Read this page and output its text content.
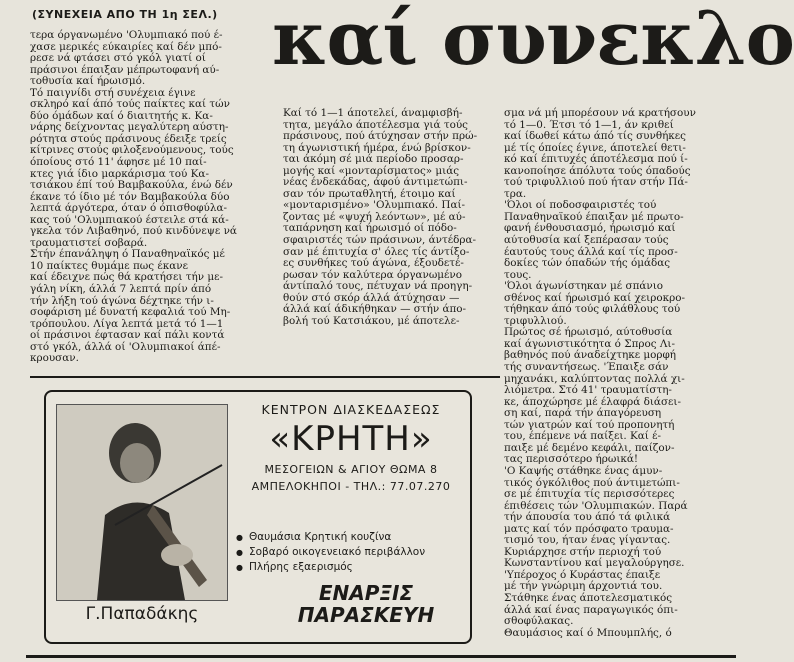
(ΣΥΝΕΧΕΙΑ ΑΠΟ ΤΗ 1η ΣΕΛ.) καί συνεκλο
τερα όργανωμένο 'Ολυμπιακό πού έ-
χασε μερικές εύκαιρίες καί δέν μπό-
ρεσε νά φτάσει στό γκόλ γιατί οί
πράσινοι έπαιξαν μέπρωτοφανή αύ-
τοθυσία καί ήρωισμό.
Τό παιγνίδι στή συνέχεια έγινε
σκληρό καί άπό τούς παίκτες καί τών
δύο όμάδων καί ό διαιτητής κ. Κα-
νάρης δείχνοντας μεγαλύτερη αύστη-
ρότητα στούς πράσινους έδειξε τρείς
κίτρινες στούς φιλοξενούμενους, τούς
όποίους στό 11' άφησε μέ 10 παί-
κτες γιά ίδιο μαρκάρισμα τού Κα-
τσιάκου έπί τού Βαμβακούλα, ένώ δέν
έκανε τό ίδιο μέ τόν Βαμβακούλα δύο
λεπτά άργότερα, όταν ό όπισθοφύλα-
κας τού 'Ολυμπιακού έστειλε στά κά-
γκελα τόν Λιβαθηνό, πού κινδύνεψε νά
τραυματιστεί σοβαρά.
Στήν έπανάληψη ό Παναθηναϊκός μέ
10 παίκτες θυμάμε πως έκανε
καί έδειχνε πώς θά κρατήσει τήν με-
γάλη νίκη, άλλά 7 λεπτά πρίν άπό
τήν λήξη τού άγώνα δέχτηκε τήν ι-
σοφάριση μέ δυνατή κεφαλιά τού Μη-
τρόπουλου. Λίγα λεπτά μετά τό 1—1
οί πράσινοι έφτασαν καί πάλι κοντά
στό γκόλ, άλλά οί 'Ολυμπιακοί άπέ-
κρουσαν.
Καί τό 1—1 άποτελεί, άναμφισβή-
τητα, μεγάλο άποτέλεσμα γιά τούς
πράσινους, πού άτύχησαν στήν πρώ-
τη άγωνιστική ήμέρα, ένώ βρίσκον-
ται άκόμη σέ μιά περίοδο προσαρ-
μογής καί «μονταρίσματος» μιάς
νέας ένδεκάδας, άφού άντιμετώπι-
σαν τόν πρωταθλητή, έτοιμο καί
«μονταρισμένο» 'Ολυμπιακό. Παί-
ζοντας μέ «ψυχή λεόντων», μέ αύ-
ταπάρνηση καί ήρωισμό οί πόδο-
σφαιριστές τών πράσινων, άντέδρα-
σαν μέ έπιτυχία σ' όλες τίς άντίξο-
ες συνθήκες τού άγώνα, έξουδετέ-
ρωσαν τόν καλύτερα όργανωμένο
άντίπαλό τους, πέτυχαν νά προηγη-
θούν στό σκόρ άλλά άτύχησαν —
άλλά καί άδικήθηκαν — στήν άπο-
βολή τού Κατσιάκου, μέ άποτελε-
σμα νά μή μπορέσουν νά κρατήσουν
τό 1—0. Έτσι τό 1—1, άν κριθεί
καί ίδωθεί κάτω άπό τίς συνθήκες
μέ τίς όποίες έγινε, άποτελεί θετι-
κό καί έπιτυχές άποτέλεσμα πού ί-
κανοποίησε άπόλυτα τούς όπαδούς
τού τριφυλλιού πού ήταν στήν Πά-
τρα.
'Όλοι οί ποδοσφαιριστές τού
Παναθηναϊκού έπαιξαν μέ πρωτο-
φανή ένθουσιασμό, ήρωισμό καί
αύτοθυσία καί ξεπέρασαν τούς
έαυτούς τους άλλά καί τίς προσ-
δοκίες τών όπαδών τής όμάδας
τους.
'Όλοι άγωνίστηκαν μέ σπάνιο
σθένος καί ήρωισμό καί χειροκρο-
τήθηκαν άπό τούς φιλάθλους τού
τριφυλλιού.
Πρώτος σέ ήρωισμό, αύτοθυσία
καί άγωνιστικότητα ό Σπρος Λι-
βαθηνός πού άναδείχτηκε μορφή
τής συναντήσεως. 'Έπαιξε σάν
μηχανάκι, καλύπτοντας πολλά χι-
λιόμετρα. Στό 41' τραυματίστη-
κε, άποχώρησε μέ έλαφρά διάσει-
ση καί, παρά τήν άπαγόρευση
τών γιατρών καί τού προπονητή
του, έπέμενε νά παίξει. Καί έ-
παιξε μέ δεμένο κεφάλι, παίζον-
τας περισσότερο ήρωικά!
'Ο Καψής στάθηκε ένας άμυν-
τικός όγκόλιθος πού άντιμετώπι-
σε μέ έπιτυχία τίς περισσότερες
έπιθέσεις τών 'Ολυμπιακών. Παρά
τήν άπουσία του άπό τά φιλικά
ματς καί τόν πρόσφατο τραυμα-
τισμό του, ήταν ένας γίγαντας.
Κυριάρχησε στήν περιοχή τού
Κωνσταντίνου καί μεγαλούργησε.
'Υπέροχος ό Κυράστας έπαιξε
μέ τήν γνώριμη άρχοντιά του.
Στάθηκε ένας άποτελεσματικός
άλλά καί ένας παραγωγικός όπι-
σθοφύλακας.
Θαυμάσιος καί ό Μπουμπλής, ό
Γ.Παπαδάκης
ΚΕΝΤΡΟΝ ΔΙΑΣΚΕΔΑΣΕΩΣ
«ΚΡΗΤΗ»
ΜΕΣΟΓΕΙΩΝ & ΑΓΙΟΥ ΘΩΜΑ 8
ΑΜΠΕΛΟΚΗΠΟΙ - ΤΗΛ.: 77.07.270
● Θαυμάσια Κρητική κουζίνα
● Σοβαρό οικογενειακό περιβάλλον
● Πλήρης εξαερισμός
ΕΝΑΡΞΙΣ
ΠΑΡΑΣΚΕΥΗ
